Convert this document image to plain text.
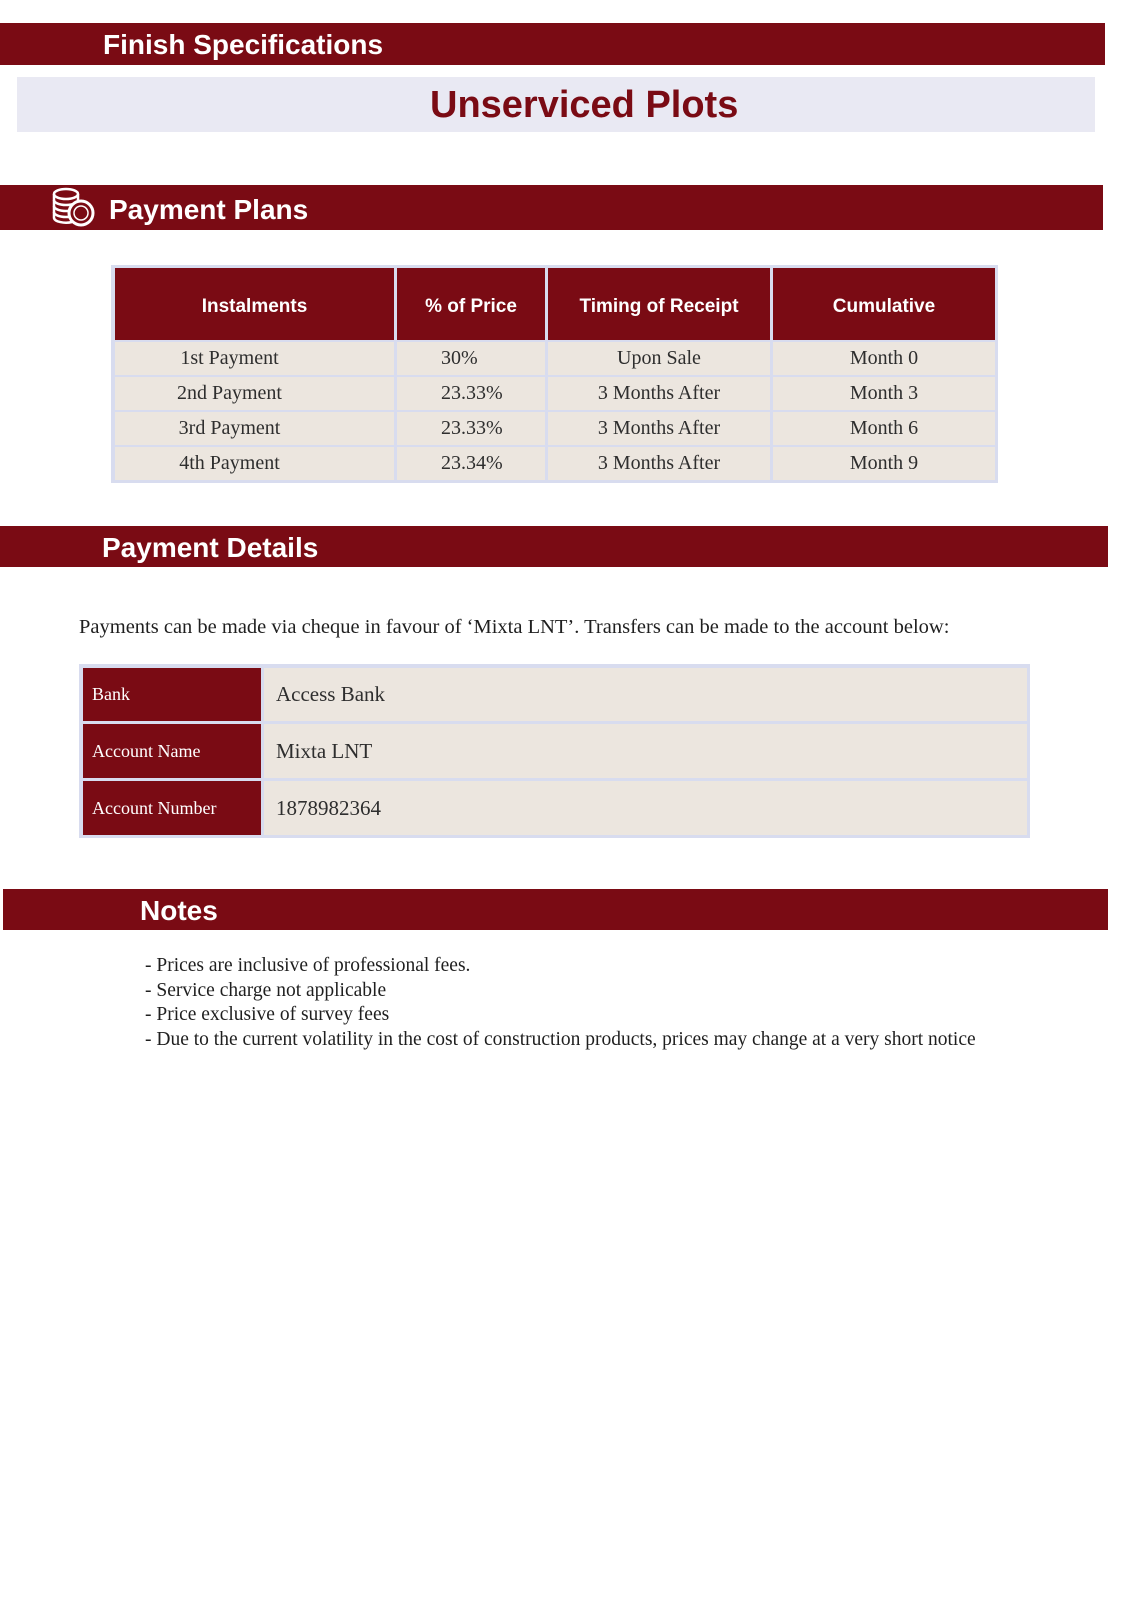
Finish Specifications
Unserviced Plots
Payment Plans
Instalments	% of Price	Timing of Receipt	Cumulative
1st Payment	30%	Upon Sale	Month 0
2nd Payment	23.33%	3 Months After	Month 3
3rd Payment	23.33%	3 Months After	Month 6
4th Payment	23.34%	3 Months After	Month 9
Payment Details

Payments can be made via cheque in favour of ‘Mixta LNT’. Transfers can be made to the account below:

Bank	Access Bank
Account Name	Mixta LNT
Account Number	1878982364
Notes
- Prices are inclusive of professional fees.
- Service charge not applicable
- Price exclusive of survey fees
- Due to the current volatility in the cost of construction products, prices may change at a very short notice
